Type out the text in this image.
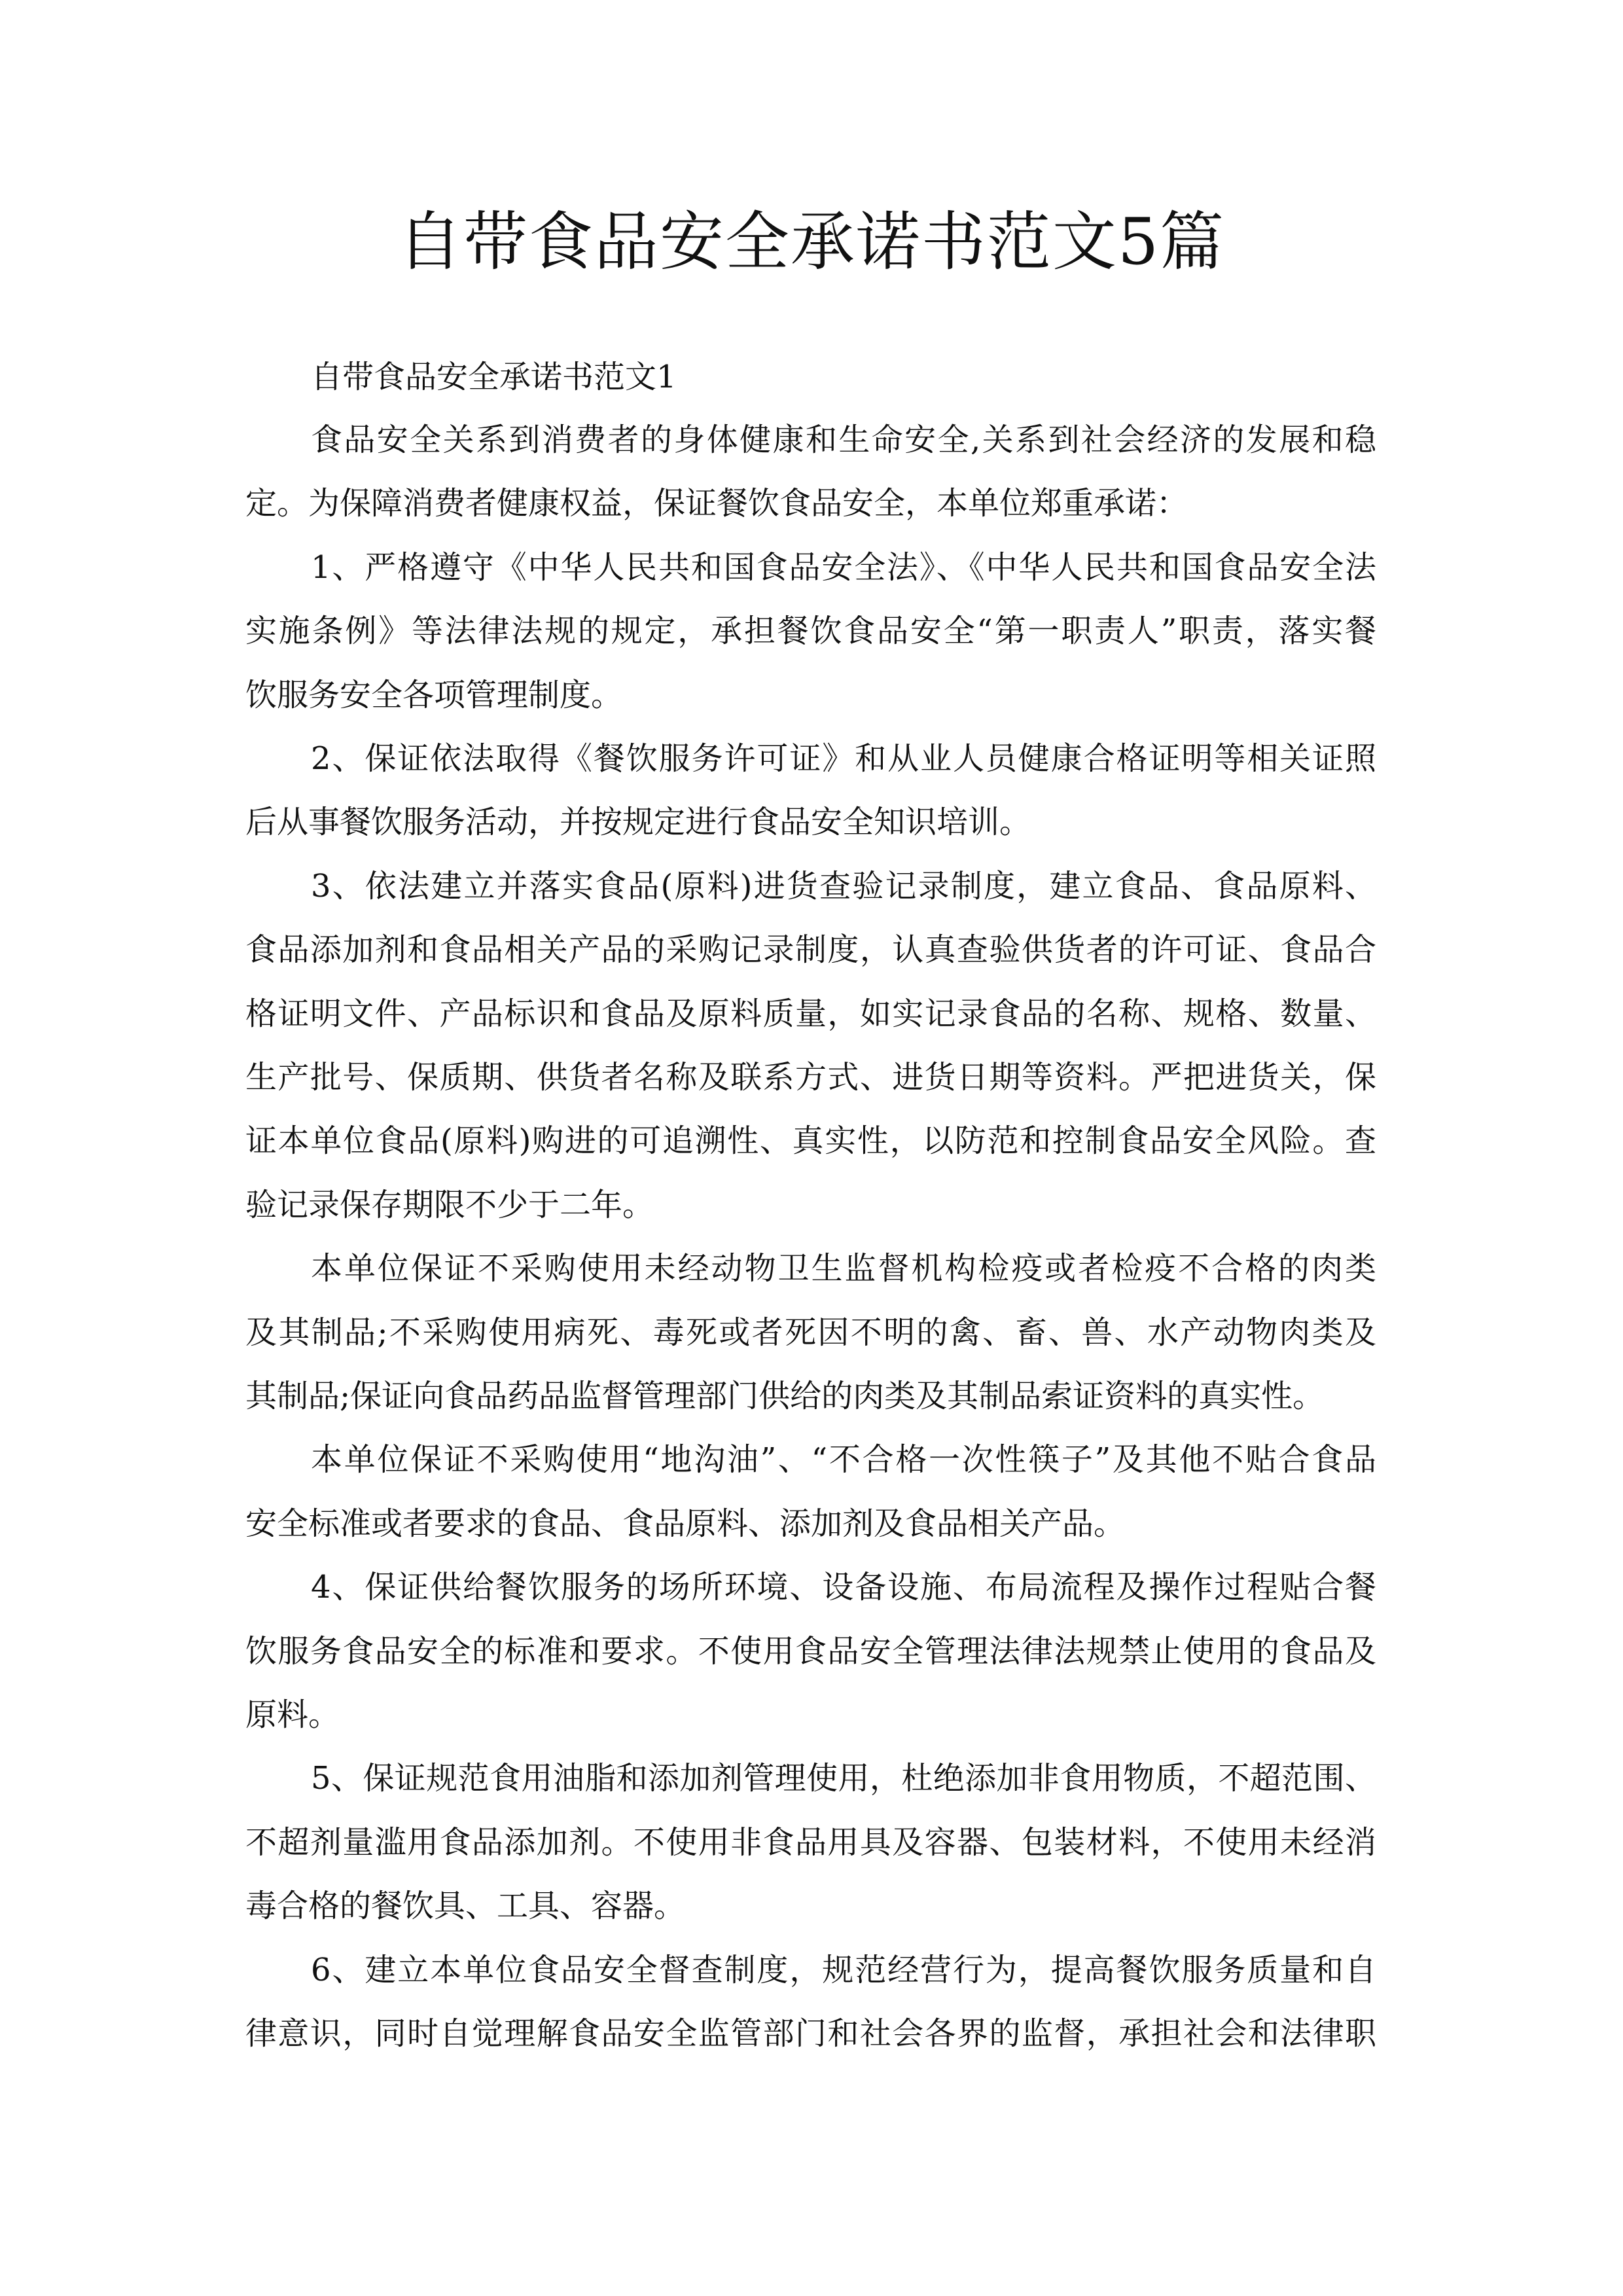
自带食品安全承诺书范文5篇
自带食品安全承诺书范文1
食品安全关系到消费者的身体健康和生命安全,关系到社会经济的发展和稳
定。为保障消费者健康权益，保证餐饮食品安全，本单位郑重承诺：
1、严格遵守《中华人民共和国食品安全法》、《中华人民共和国食品安全法
实施条例》等法律法规的规定，承担餐饮食品安全“第一职责人”职责，落实餐
饮服务安全各项管理制度。
2、保证依法取得《餐饮服务许可证》和从业人员健康合格证明等相关证照
后从事餐饮服务活动，并按规定进行食品安全知识培训。
3、依法建立并落实食品(原料)进货查验记录制度，建立食品、食品原料、
食品添加剂和食品相关产品的采购记录制度，认真查验供货者的许可证、食品合
格证明文件、产品标识和食品及原料质量，如实记录食品的名称、规格、数量、
生产批号、保质期、供货者名称及联系方式、进货日期等资料。严把进货关，保
证本单位食品(原料)购进的可追溯性、真实性，以防范和控制食品安全风险。查
验记录保存期限不少于二年。
本单位保证不采购使用未经动物卫生监督机构检疫或者检疫不合格的肉类
及其制品;不采购使用病死、毒死或者死因不明的禽、畜、兽、水产动物肉类及
其制品;保证向食品药品监督管理部门供给的肉类及其制品索证资料的真实性。
本单位保证不采购使用“地沟油”、“不合格一次性筷子”及其他不贴合食品
安全标准或者要求的食品、食品原料、添加剂及食品相关产品。
4、保证供给餐饮服务的场所环境、设备设施、布局流程及操作过程贴合餐
饮服务食品安全的标准和要求。不使用食品安全管理法律法规禁止使用的食品及
原料。
5、保证规范食用油脂和添加剂管理使用，杜绝添加非食用物质，不超范围、
不超剂量滥用食品添加剂。不使用非食品用具及容器、包装材料，不使用未经消
毒合格的餐饮具、工具、容器。
6、建立本单位食品安全督查制度，规范经营行为，提高餐饮服务质量和自
律意识，同时自觉理解食品安全监管部门和社会各界的监督，承担社会和法律职
